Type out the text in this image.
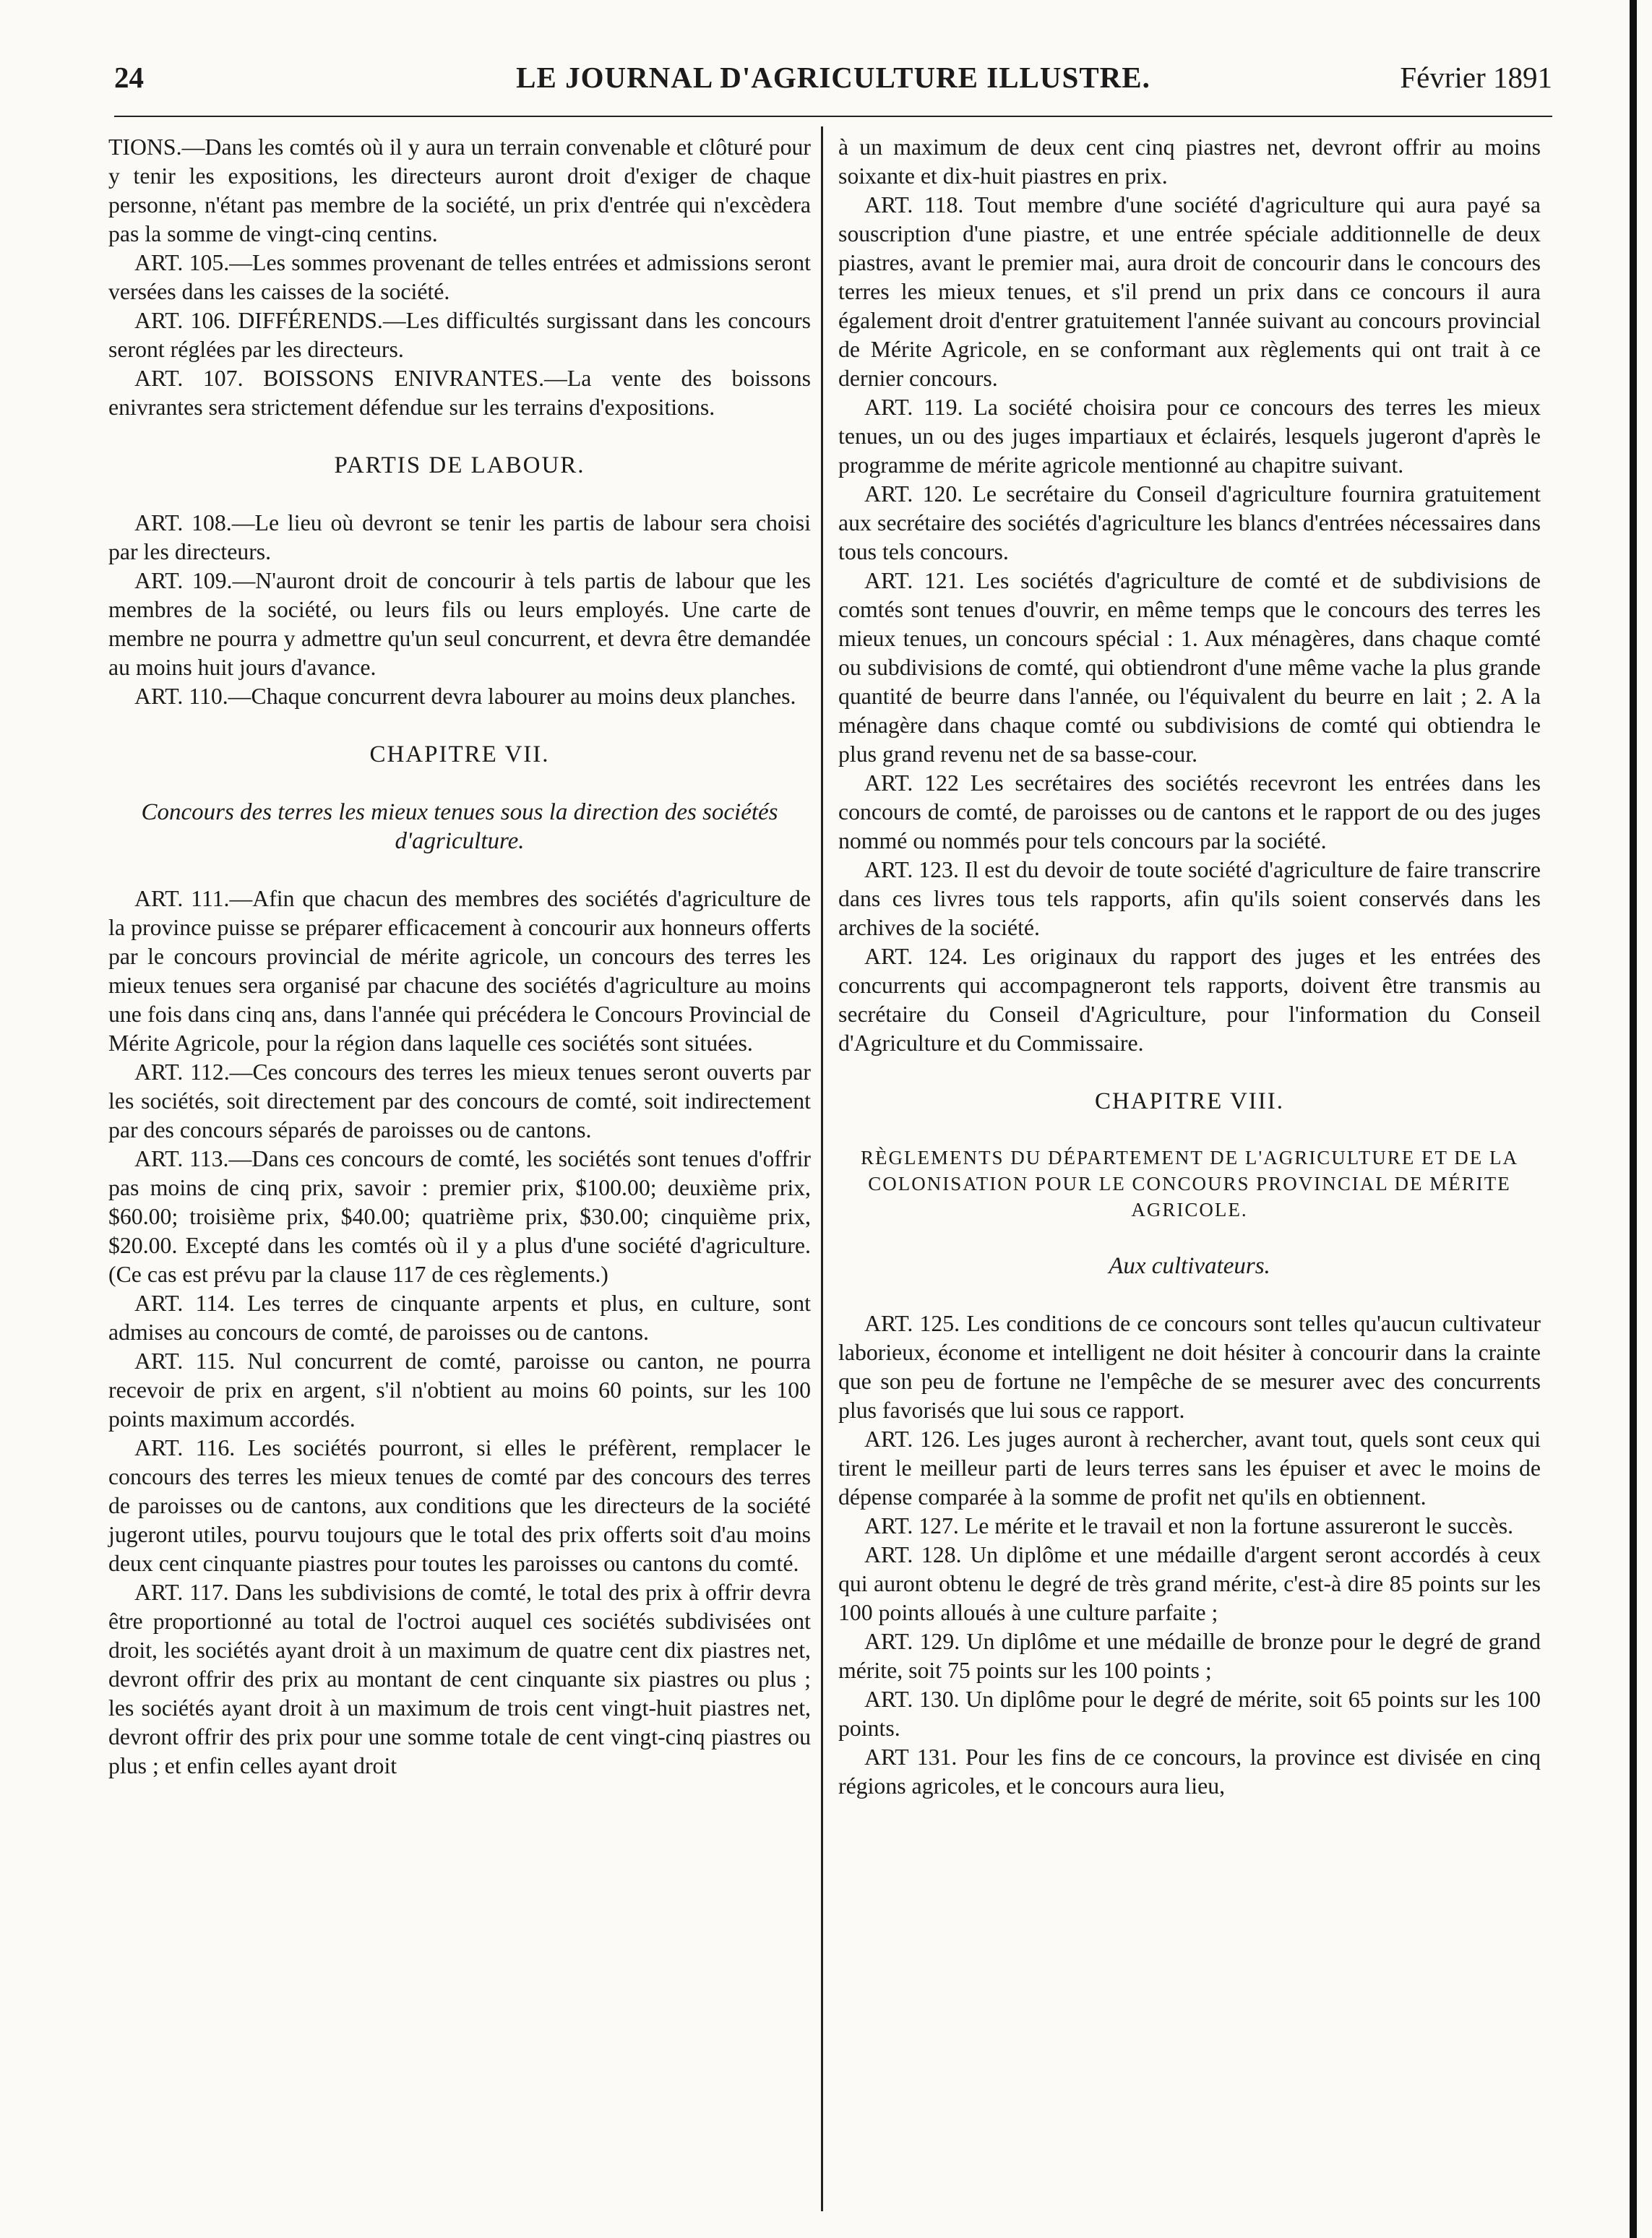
24	LE JOURNAL D'AGRICULTURE ILLUSTRE.	Février 1891

TIONS.—Dans les comtés où il y aura un terrain convenable et clôturé pour y tenir les expositions, les directeurs auront droit d'exiger de chaque personne, n'étant pas membre de la société, un prix d'entrée qui n'excèdera pas la somme de vingt-cinq centins.

ART. 105.—Les sommes provenant de telles entrées et admissions seront versées dans les caisses de la société.

ART. 106. DIFFÉRENDS.—Les difficultés surgissant dans les concours seront réglées par les directeurs.

ART. 107. BOISSONS ENIVRANTES.—La vente des boissons enivrantes sera strictement défendue sur les terrains d'expositions.

PARTIS DE LABOUR.

ART. 108.—Le lieu où devront se tenir les partis de labour sera choisi par les directeurs.

ART. 109.—N'auront droit de concourir à tels partis de labour que les membres de la société, ou leurs fils ou leurs employés. Une carte de membre ne pourra y admettre qu'un seul concurrent, et devra être demandée au moins huit jours d'avance.

ART. 110.—Chaque concurrent devra labourer au moins deux planches.

CHAPITRE VII.

Concours des terres les mieux tenues sous la direction des sociétés d'agriculture.

ART. 111.—Afin que chacun des membres des sociétés d'agriculture de la province puisse se préparer efficacement à concourir aux honneurs offerts par le concours provincial de mérite agricole, un concours des terres les mieux tenues sera organisé par chacune des sociétés d'agriculture au moins une fois dans cinq ans, dans l'année qui précédera le Concours Provincial de Mérite Agricole, pour la région dans laquelle ces sociétés sont situées.

ART. 112.—Ces concours des terres les mieux tenues seront ouverts par les sociétés, soit directement par des concours de comté, soit indirectement par des concours séparés de paroisses ou de cantons.

ART. 113.—Dans ces concours de comté, les sociétés sont tenues d'offrir pas moins de cinq prix, savoir : premier prix, $100.00; deuxième prix, $60.00; troisième prix, $40.00; quatrième prix, $30.00; cinquième prix, $20.00. Excepté dans les comtés où il y a plus d'une société d'agriculture. (Ce cas est prévu par la clause 117 de ces règlements.)

ART. 114. Les terres de cinquante arpents et plus, en culture, sont admises au concours de comté, de paroisses ou de cantons.

ART. 115. Nul concurrent de comté, paroisse ou canton, ne pourra recevoir de prix en argent, s'il n'obtient au moins 60 points, sur les 100 points maximum accordés.

ART. 116. Les sociétés pourront, si elles le préfèrent, remplacer le concours des terres les mieux tenues de comté par des concours des terres de paroisses ou de cantons, aux conditions que les directeurs de la société jugeront utiles, pourvu toujours que le total des prix offerts soit d'au moins deux cent cinquante piastres pour toutes les paroisses ou cantons du comté.

ART. 117. Dans les subdivisions de comté, le total des prix à offrir devra être proportionné au total de l'octroi auquel ces sociétés subdivisées ont droit, les sociétés ayant droit à un maximum de quatre cent dix piastres net, devront offrir des prix au montant de cent cinquante six piastres ou plus ; les sociétés ayant droit à un maximum de trois cent vingt-huit piastres net, devront offrir des prix pour une somme totale de cent vingt-cinq piastres ou plus ; et enfin celles ayant droit

à un maximum de deux cent cinq piastres net, devront offrir au moins soixante et dix-huit piastres en prix.

ART. 118. Tout membre d'une société d'agriculture qui aura payé sa souscription d'une piastre, et une entrée spéciale additionnelle de deux piastres, avant le premier mai, aura droit de concourir dans le concours des terres les mieux tenues, et s'il prend un prix dans ce concours il aura également droit d'entrer gratuitement l'année suivant au concours provincial de Mérite Agricole, en se conformant aux règlements qui ont trait à ce dernier concours.

ART. 119. La société choisira pour ce concours des terres les mieux tenues, un ou des juges impartiaux et éclairés, lesquels jugeront d'après le programme de mérite agricole mentionné au chapitre suivant.

ART. 120. Le secrétaire du Conseil d'agriculture fournira gratuitement aux secrétaire des sociétés d'agriculture les blancs d'entrées nécessaires dans tous tels concours.

ART. 121. Les sociétés d'agriculture de comté et de subdivisions de comtés sont tenues d'ouvrir, en même temps que le concours des terres les mieux tenues, un concours spécial : 1. Aux ménagères, dans chaque comté ou subdivisions de comté, qui obtiendront d'une même vache la plus grande quantité de beurre dans l'année, ou l'équivalent du beurre en lait ; 2. A la ménagère dans chaque comté ou subdivisions de comté qui obtiendra le plus grand revenu net de sa basse-cour.

ART. 122 Les secrétaires des sociétés recevront les entrées dans les concours de comté, de paroisses ou de cantons et le rapport de ou des juges nommé ou nommés pour tels concours par la société.

ART. 123. Il est du devoir de toute société d'agriculture de faire transcrire dans ces livres tous tels rapports, afin qu'ils soient conservés dans les archives de la société.

ART. 124. Les originaux du rapport des juges et les entrées des concurrents qui accompagneront tels rapports, doivent être transmis au secrétaire du Conseil d'Agriculture, pour l'information du Conseil d'Agriculture et du Commissaire.

CHAPITRE VIII.

RÈGLEMENTS DU DÉPARTEMENT DE L'AGRICULTURE ET DE LA COLONISATION POUR LE CONCOURS PROVINCIAL DE MÉRITE AGRICOLE.

Aux cultivateurs.

ART. 125. Les conditions de ce concours sont telles qu'aucun cultivateur laborieux, économe et intelligent ne doit hésiter à concourir dans la crainte que son peu de fortune ne l'empêche de se mesurer avec des concurrents plus favorisés que lui sous ce rapport.

ART. 126. Les juges auront à rechercher, avant tout, quels sont ceux qui tirent le meilleur parti de leurs terres sans les épuiser et avec le moins de dépense comparée à la somme de profit net qu'ils en obtiennent.

ART. 127. Le mérite et le travail et non la fortune assureront le succès.

ART. 128. Un diplôme et une médaille d'argent seront accordés à ceux qui auront obtenu le degré de très grand mérite, c'est-à dire 85 points sur les 100 points alloués à une culture parfaite ;

ART. 129. Un diplôme et une médaille de bronze pour le degré de grand mérite, soit 75 points sur les 100 points ;

ART. 130. Un diplôme pour le degré de mérite, soit 65 points sur les 100 points.

ART 131. Pour les fins de ce concours, la province est divisée en cinq régions agricoles, et le concours aura lieu,
